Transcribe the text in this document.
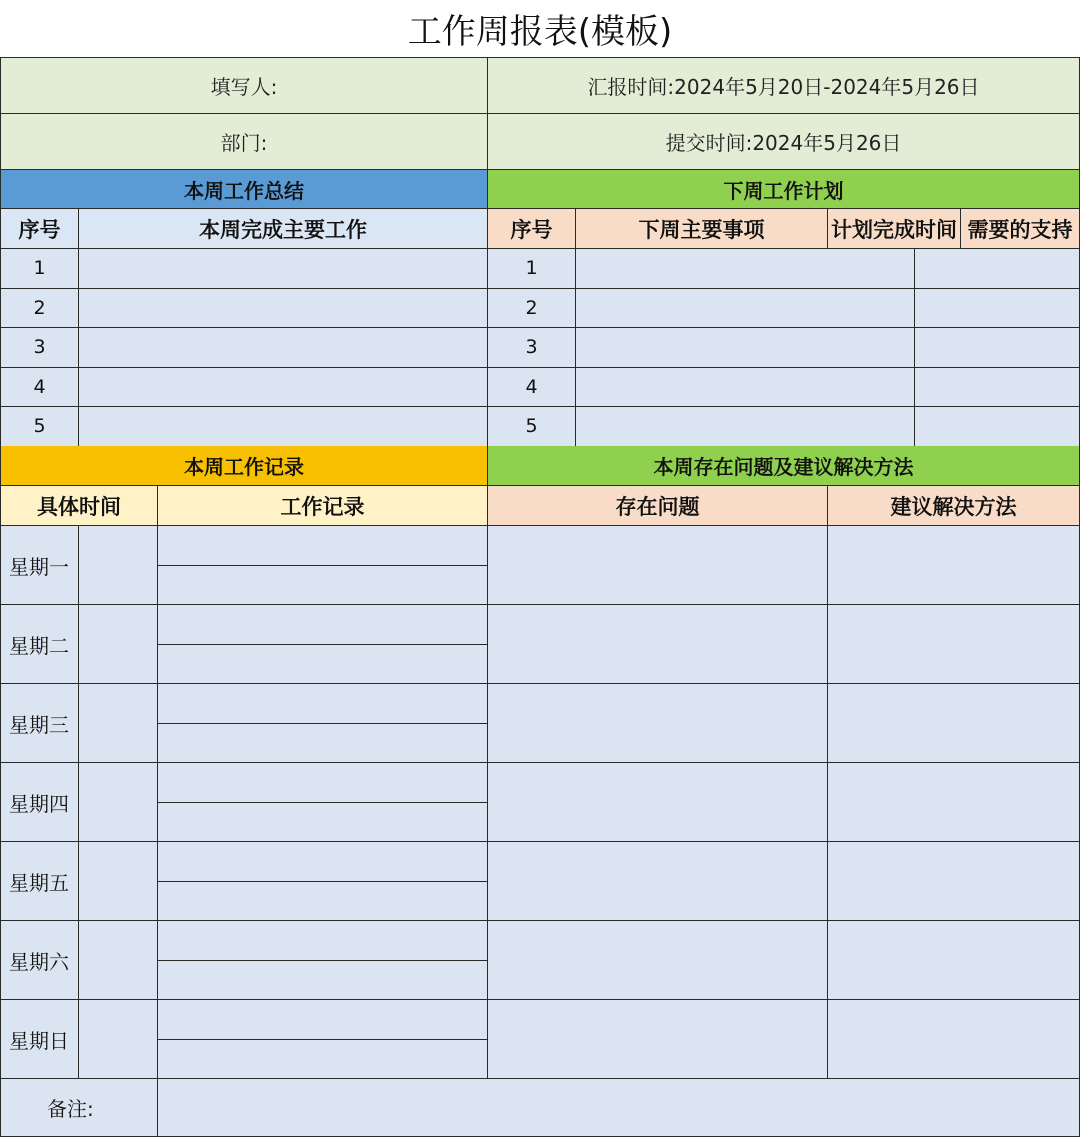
工作周报表(模板)
填写人:	汇报时间:2024年5月20日-2024年5月26日
部门:	提交时间:2024年5月26日
本周工作总结	下周工作计划
序号	本周完成主要工作	序号	下周主要事项	计划完成时间 需要的支持
1	1
2	2
3	3
4	4
5	5
本周工作记录	本周存在问题及建议解决方法
具体时间	工作记录	存在问题	建议解决方法
星期一
星期二
星期三
星期四
星期五
星期六
星期日
备注:
